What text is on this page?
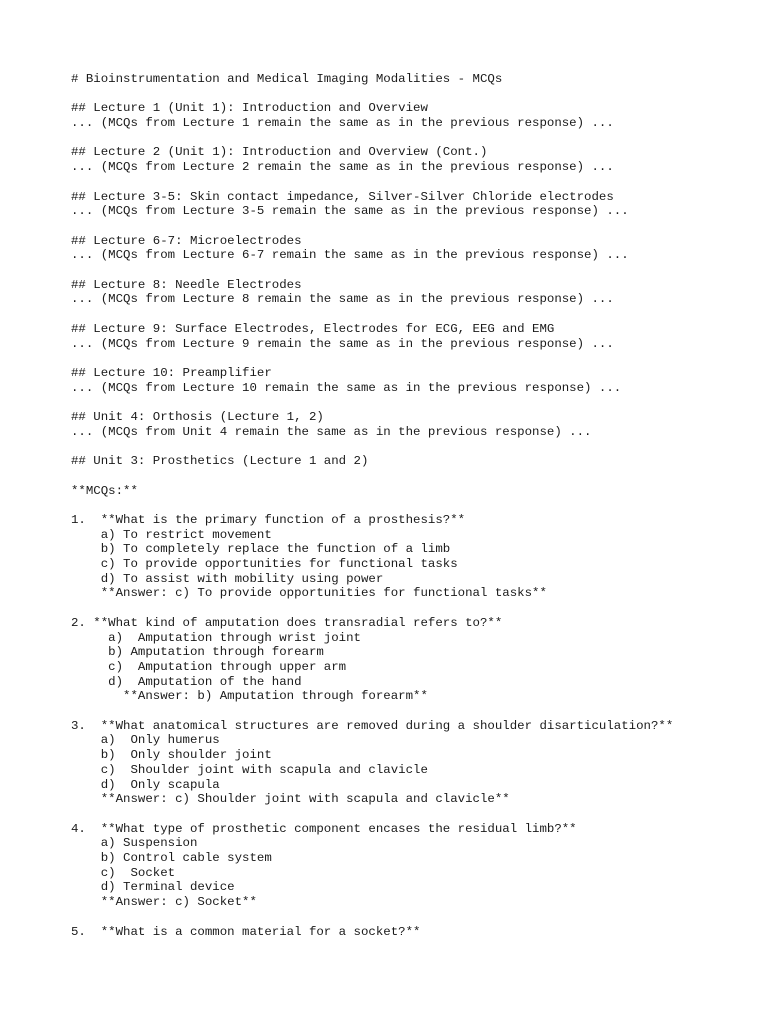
# Bioinstrumentation and Medical Imaging Modalities - MCQs
## Lecture 1 (Unit 1): Introduction and Overview
... (MCQs from Lecture 1 remain the same as in the previous response) ...
## Lecture 2 (Unit 1): Introduction and Overview (Cont.)
... (MCQs from Lecture 2 remain the same as in the previous response) ...
## Lecture 3-5: Skin contact impedance, Silver-Silver Chloride electrodes
... (MCQs from Lecture 3-5 remain the same as in the previous response) ...
## Lecture 6-7: Microelectrodes
... (MCQs from Lecture 6-7 remain the same as in the previous response) ...
## Lecture 8: Needle Electrodes
... (MCQs from Lecture 8 remain the same as in the previous response) ...
## Lecture 9: Surface Electrodes, Electrodes for ECG, EEG and EMG
... (MCQs from Lecture 9 remain the same as in the previous response) ...
## Lecture 10: Preamplifier
... (MCQs from Lecture 10 remain the same as in the previous response) ...
## Unit 4: Orthosis (Lecture 1, 2)
... (MCQs from Unit 4 remain the same as in the previous response) ...
## Unit 3: Prosthetics (Lecture 1 and 2)
**MCQs:**
1.  **What is the primary function of a prosthesis?**
a) To restrict movement
b) To completely replace the function of a limb
c) To provide opportunities for functional tasks
d) To assist with mobility using power
**Answer: c) To provide opportunities for functional tasks**
2. **What kind of amputation does transradial refers to?**
a)  Amputation through wrist joint
b) Amputation through forearm
c)  Amputation through upper arm
d)  Amputation of the hand
**Answer: b) Amputation through forearm**
3.  **What anatomical structures are removed during a shoulder disarticulation?**
a)  Only humerus
b)  Only shoulder joint
c)  Shoulder joint with scapula and clavicle
d)  Only scapula
**Answer: c) Shoulder joint with scapula and clavicle**
4.  **What type of prosthetic component encases the residual limb?**
a) Suspension
b) Control cable system
c)  Socket
d) Terminal device
**Answer: c) Socket**
5.  **What is a common material for a socket?**
